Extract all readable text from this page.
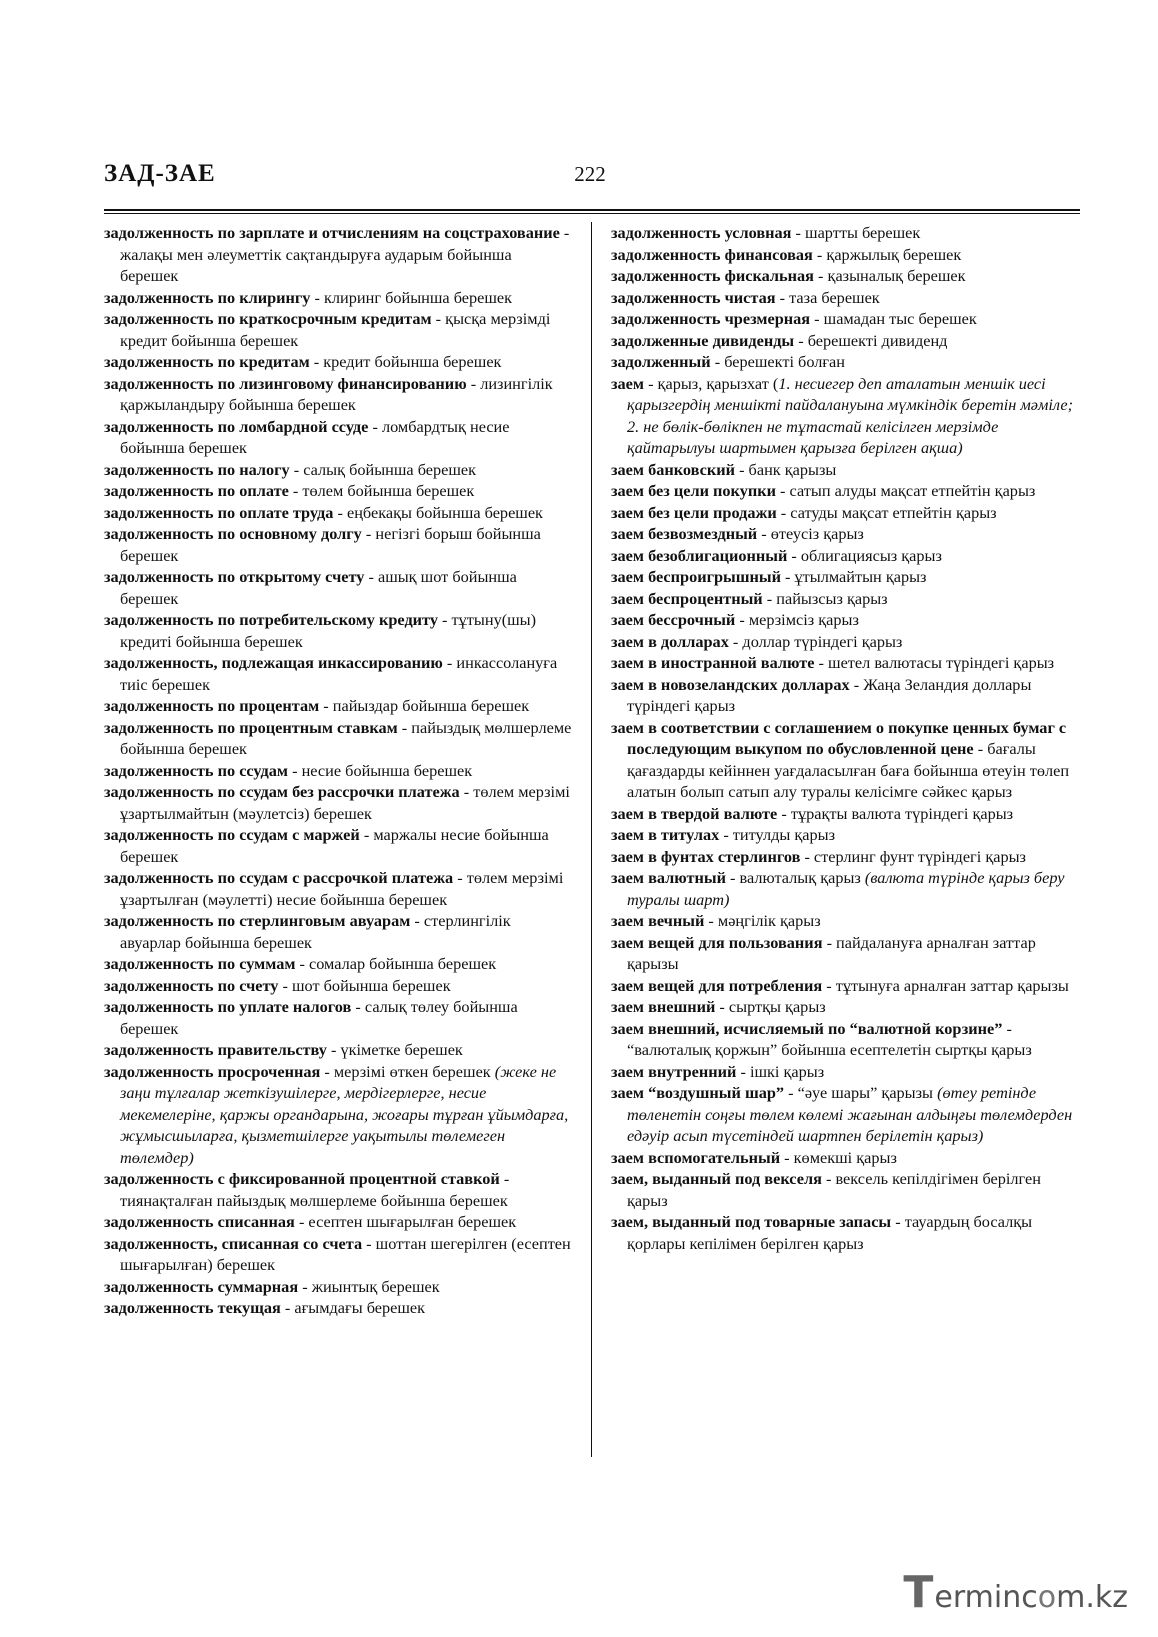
ЗАД-ЗАЕ	222
задолженность по зарплате и отчислениям на соцстрахование - жалақы мен әлеуметтік сақтандыруға аударым бойынша берешек
задолженность по клирингу - клиринг бойынша берешек
задолженность по краткосрочным кредитам - қысқа мерзімді кредит бойынша берешек
задолженность по кредитам - кредит бойынша берешек
задолженность по лизинговому финансированию - лизингілік қаржыландыру бойынша берешек
задолженность по ломбардной ссуде - ломбардтық несие бойынша берешек
задолженность по налогу - салық бойынша берешек
задолженность по оплате - төлем бойынша берешек
задолженность по оплате труда - еңбекақы бойынша берешек
задолженность по основному долгу - негізгі борыш бойынша берешек
задолженность по открытому счету - ашық шот бойынша берешек
задолженность по потребительскому кредиту - тұтыну(шы) кредиті бойынша берешек
задолженность, подлежащая инкассированию - инкассолануға тиіс берешек
задолженность по процентам - пайыздар бойынша берешек
задолженность по процентным ставкам - пайыздық мөлшерлеме бойынша берешек
задолженность по ссудам - несие бойынша берешек
задолженность по ссудам без рассрочки платежа - төлем мерзімі ұзартылмайтын (мәулетсіз) берешек
задолженность по ссудам с маржей - маржалы несие бойынша берешек
задолженность по ссудам с рассрочкой платежа - төлем мерзімі ұзартылған (мәулетті) несие бойынша берешек
задолженность по стерлинговым авуарам - стерлингілік авуарлар бойынша берешек
задолженность по суммам - сомалар бойынша берешек
задолженность по счету - шот бойынша берешек
задолженность по уплате налогов - салық төлеу бойынша берешек
задолженность правительству - үкіметке берешек
задолженность просроченная - мерзімі өткен берешек (жеке не заңи тұлғалар жеткізушілерге, мердігерлерге, несие мекемелеріне, қаржы органдарына, жоғары тұрған ұйымдарға, жұмысшыларға, қызметшілерге уақытылы төлемеген төлемдер)
задолженность с фиксированной процентной ставкой - тиянақталған пайыздық мөлшерлеме бойынша берешек
задолженность списанная - есептен шығарылған берешек
задолженность, списанная со счета - шоттан шегерілген (есептен шығарылған) берешек
задолженность суммарная - жиынтық берешек
задолженность текущая - ағымдағы берешек
задолженность условная - шартты берешек
задолженность финансовая - қаржылық берешек
задолженность фискальная - қазыналық берешек
задолженность чистая - таза берешек
задолженность чрезмерная - шамадан тыс берешек
задолженные дивиденды - берешекті дивиденд
задолженный - берешекті болған
заем - қарыз, қарызхат (1. несиегер деп аталатын меншік иесі қарызгердің меншікті пайдалануына мүмкіндік беретін мәміле; 2. не бөлік-бөлікпен не тұтастай келісілген мерзімде қайтарылуы шартымен қарызға берілген ақша)
заем банковский - банк қарызы
заем без цели покупки - сатып алуды мақсат етпейтін қарыз
заем без цели продажи - сатуды мақсат етпейтін қарыз
заем безвозмездный - өтеусіз қарыз
заем безоблигационный - облигациясыз қарыз
заем беспроигрышный - ұтылмайтын қарыз
заем беспроцентный - пайызсыз қарыз
заем бессрочный - мерзімсіз қарыз
заем в долларах - доллар түріндегі қарыз
заем в иностранной валюте - шетел валютасы түріндегі қарыз
заем в новозеландских долларах - Жаңа Зеландия доллары түріндегі қарыз
заем в соответствии с соглашением о покупке ценных бумаг с последующим выкупом по обусловленной цене - бағалы қағаздарды кейіннен уағдаласылған баға бойынша өтеуін төлеп алатын болып сатып алу туралы келісімге сәйкес қарыз
заем в твердой валюте - тұрақты валюта түріндегі қарыз
заем в титулах - титулды қарыз
заем в фунтах стерлингов - стерлинг фунт түріндегі қарыз
заем валютный - валюталық қарыз (валюта түрінде қарыз беру туралы шарт)
заем вечный - мәңгілік қарыз
заем вещей для пользования - пайдалануға арналған заттар қарызы
заем вещей для потребления - тұтынуға арналған заттар қарызы
заем внешний - сыртқы қарыз
заем внешний, исчисляемый по “валютной корзине” - “валюталық қоржын” бойынша есептелетін сыртқы қарыз
заем внутренний - ішкі қарыз
заем “воздушный шар” - “әуе шары” қарызы (өтеу ретінде төленетін соңғы төлем көлемі жағынан алдыңғы төлемдерден едәуір асып түсетіндей шартпен берілетін қарыз)
заем вспомогательный - көмекші қарыз
заем, выданный под векселя - вексель кепілдігімен берілген қарыз
заем, выданный под товарные запасы - тауардың босалқы қорлары кепілімен берілген қарыз
T erminc о m.kz
